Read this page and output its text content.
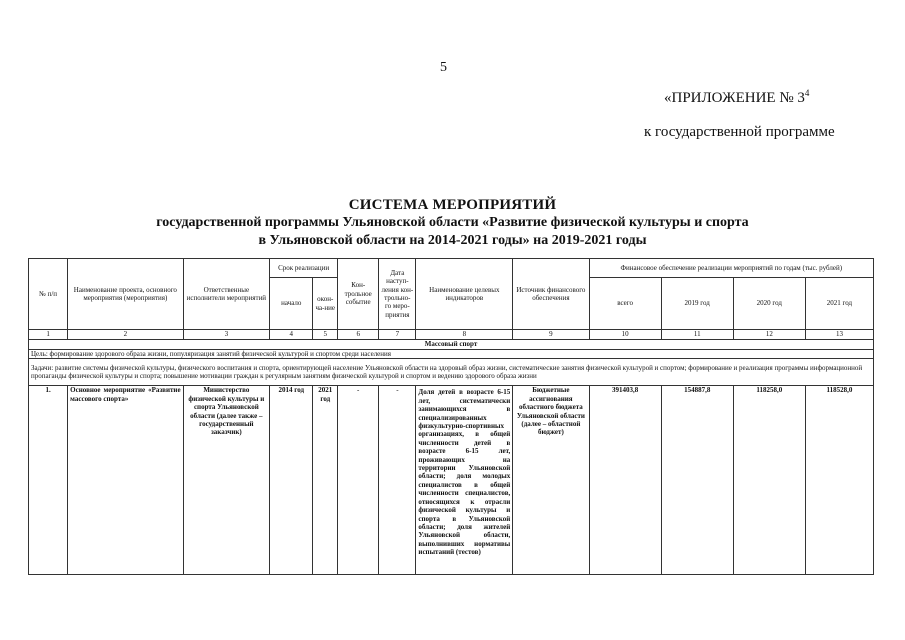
5
«ПРИЛОЖЕНИЕ № $3^4$
к государственной программе
СИСТЕМА МЕРОПРИЯТИЙ
государственной программы Ульяновской области «Развитие физической культуры и спорта
в Ульяновской области на 2014-2021 годы» на 2019-2021 годы
№ п/п	Наименование проекта, основного мероприятия (мероприятия)	Ответственные исполнители мероприятий	Срок реализации		Кон-трольное событие	Дата наступ-ления кон-трольно-го меро-приятия	Наименование целевых индикаторов	Источник финансового обеспечения	Финансовое обеспечение реализации мероприятий по годам (тыс. рублей)			
			начало	окон-ча-ние					всего	2019 год	2020 год	2021 год
1	2	3	4	5	6	7	8	9	10	11	12	13
Массовый спорт												
Цель: формирование здорового образа жизни, популяризация занятий физической культурой и спортом среди населения												
Задачи: развитие системы физической культуры, физического воспитания и спорта, ориентирующей население Ульяновской области на здоровый образ жизни, систематические занятия физической культурой и спортом; формирование и реализация программы информационной пропаганды физической культуры и спорта; повышение мотивации граждан к регулярным занятиям физической культурой и спортом и ведению здорового образа жизни												
1.	Основное мероприятие «Развитие массового спорта»	Министерство физической культуры и спорта Ульяновской области (далее также – государственный заказчик)	2014 год	2021 год	-	-	Доля детей в возрасте 6-15 лет, систематически занимающихся в специализированных физкультурно-спортивных организациях, в общей численности детей в возрасте 6-15 лет, проживающих на территории Ульяновской области; доля молодых специалистов в общей численности специалистов, относящихся к отрасли физической культуры и спорта в Ульяновской области; доля жителей Ульяновской области, выполнивших нормативы испытаний (тестов)	Бюджетные ассигнования областного бюджета Ульяновской области (далее – областной бюджет)	391403,8	154887,8	118258,0	118528,0
